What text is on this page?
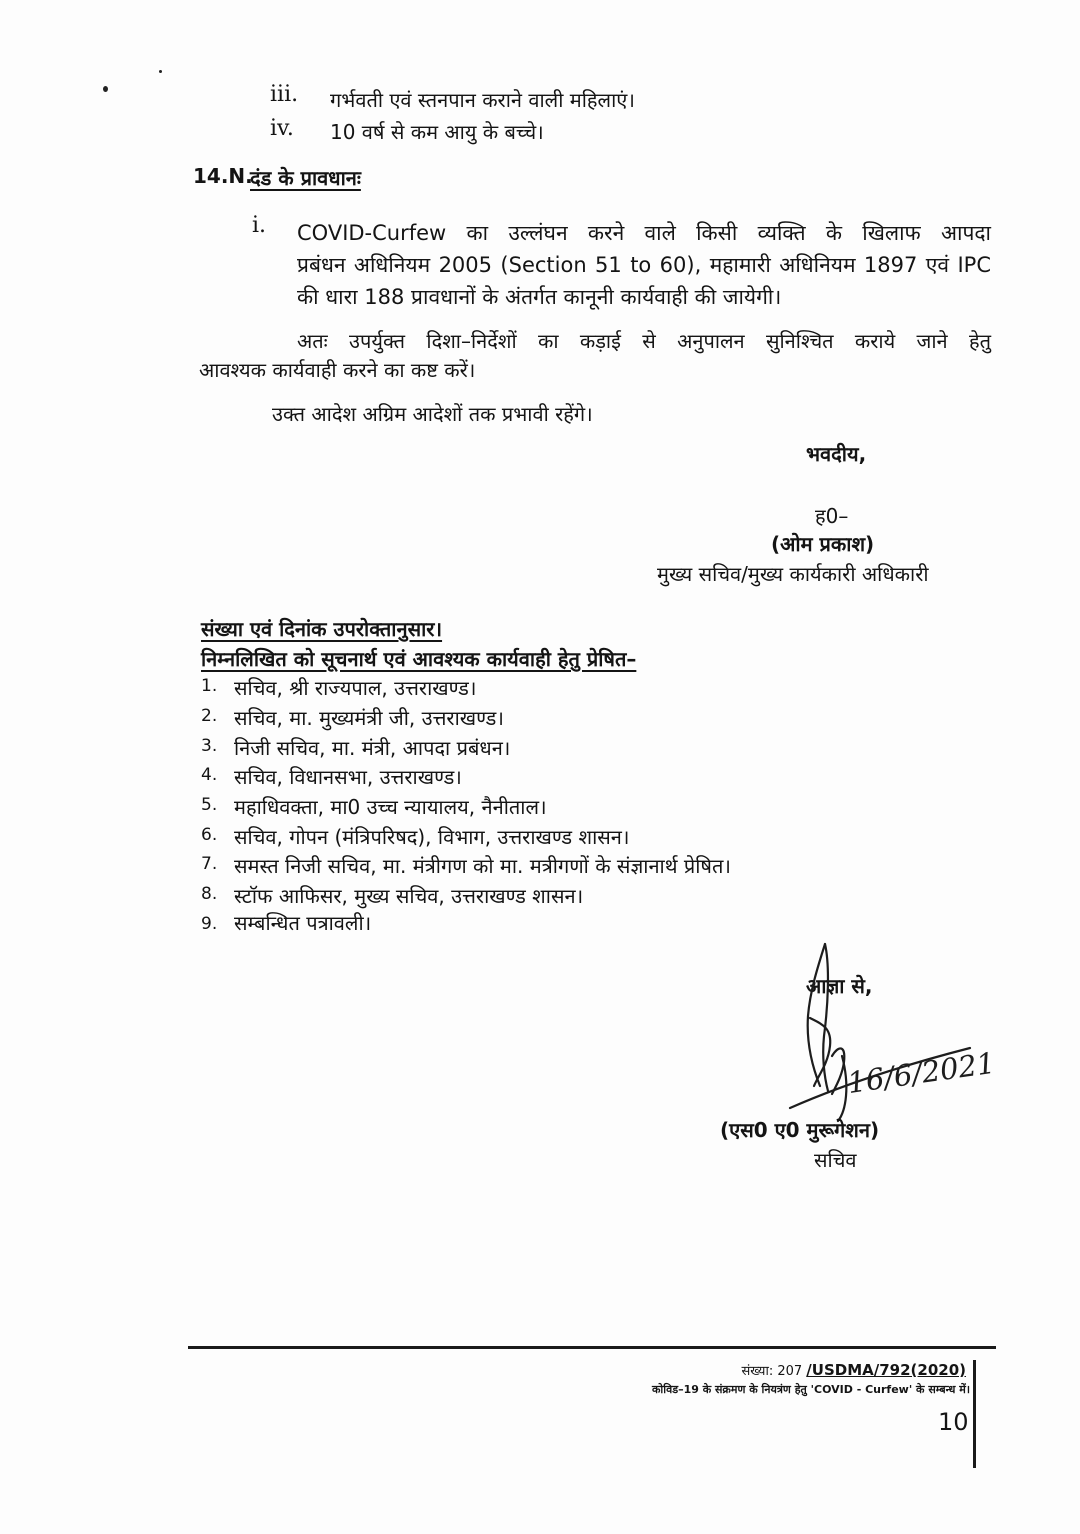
iii. गर्भवती एवं स्तनपान कराने वाली महिलाएं।
iv. 10 वर्ष से कम आयु के बच्चे।
14.N.
दंड के प्रावधानः
i. COVID-Curfew का उल्लंघन करने वाले किसी व्यक्ति के खिलाफ आपदा
प्रबंधन अधिनियम 2005 (Section 51 to 60), महामारी अधिनियम 1897 एवं IPC
की धारा 188 प्रावधानों के अंतर्गत कानूनी कार्यवाही की जायेगी।
अतः उपर्युक्त दिशा–निर्देशों का कड़ाई से अनुपालन सुनिश्चित कराये जाने हेतु
आवश्यक कार्यवाही करने का कष्ट करें।
उक्त आदेश अग्रिम आदेशों तक प्रभावी रहेंगे।
भवदीय,
ह0–
(ओम प्रकाश)
मुख्य सचिव/मुख्य कार्यकारी अधिकारी
संख्या एवं दिनांक उपरोक्तानुसार।
निम्नलिखित को सूचनार्थ एवं आवश्यक कार्यवाही हेतु प्रेषित–
1. सचिव, श्री राज्यपाल, उत्तराखण्ड।
2. सचिव, मा. मुख्यमंत्री जी, उत्तराखण्ड।
3. निजी सचिव, मा. मंत्री, आपदा प्रबंधन।
4. सचिव, विधानसभा, उत्तराखण्ड।
5. महाधिवक्ता, मा0 उच्च न्यायालय, नैनीताल।
6. सचिव, गोपन (मंत्रिपरिषद), विभाग, उत्तराखण्ड शासन।
7. समस्त निजी सचिव, मा. मंत्रीगण को मा. मत्रीगणों के संज्ञानार्थ प्रेषित।
8. स्टॉफ आफिसर, मुख्य सचिव, उत्तराखण्ड शासन।
9. सम्बन्धित पत्रावली।
आज्ञा से,
16/6/2021
(एस0 ए0 मुरूगेशन)
सचिव
संख्या: 207 /USDMA/792(2020)
कोविड–19 के संक्रमण के नियत्रंण हेतु 'COVID - Curfew' के सम्बन्ध में।
10
